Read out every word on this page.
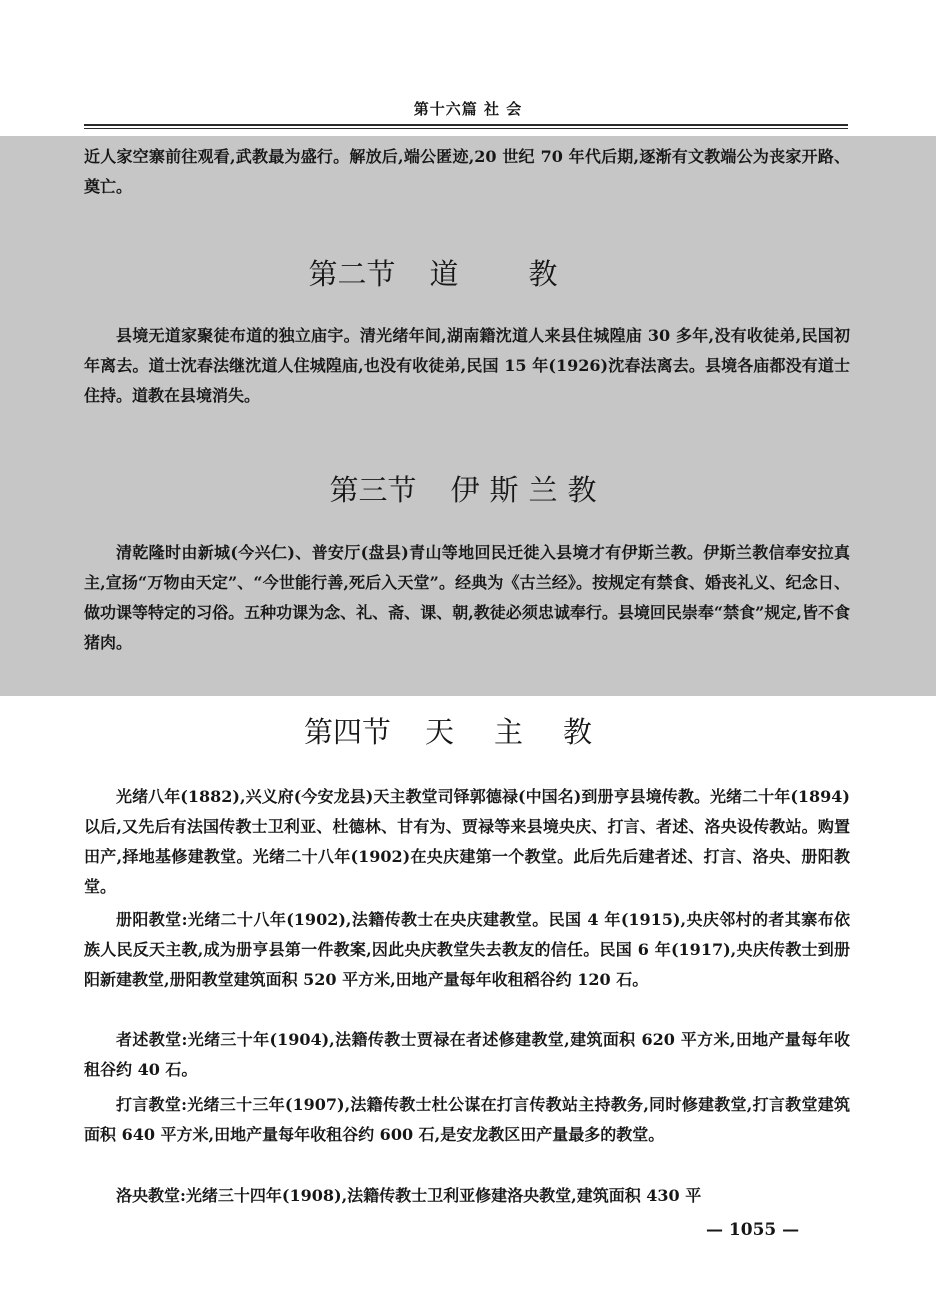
第十六篇 社 会

近人家空寨前往观看,武教最为盛行。解放后,端公匿迹,20 世纪 70 年代后期,逐渐有文教端公为丧家开路、奠亡。

第二节 道教

县境无道家聚徒布道的独立庙宇。清光绪年间,湖南籍沈道人来县住城隍庙 30 多年,没有收徒弟,民国初年离去。道士沈春法继沈道人住城隍庙,也没有收徒弟,民国 15 年(1926)沈春法离去。县境各庙都没有道士住持。道教在县境消失。

第三节 伊斯兰教

清乾隆时由新城(今兴仁)、普安厅(盘县)青山等地回民迁徙入县境才有伊斯兰教。伊斯兰教信奉安拉真主,宣扬“万物由天定”、“今世能行善,死后入天堂”。经典为《古兰经》。按规定有禁食、婚丧礼义、纪念日、做功课等特定的习俗。五种功课为念、礼、斋、课、朝,教徒必须忠诚奉行。县境回民崇奉“禁食”规定,皆不食猪肉。

第四节 天主教

光绪八年(1882),兴义府(今安龙县)天主教堂司铎郭德禄(中国名)到册亨县境传教。光绪二十年(1894)以后,又先后有法国传教士卫利亚、杜德林、甘有为、贾禄等来县境央庆、打言、者述、洛央设传教站。购置田产,择地基修建教堂。光绪二十八年(1902)在央庆建第一个教堂。此后先后建者述、打言、洛央、册阳教堂。

册阳教堂:光绪二十八年(1902),法籍传教士在央庆建教堂。民国 4 年(1915),央庆邻村的者其寨布依族人民反天主教,成为册亨县第一件教案,因此央庆教堂失去教友的信任。民国 6 年(1917),央庆传教士到册阳新建教堂,册阳教堂建筑面积 520 平方米,田地产量每年收租稻谷约 120 石。

者述教堂:光绪三十年(1904),法籍传教士贾禄在者述修建教堂,建筑面积 620 平方米,田地产量每年收租谷约 40 石。

打言教堂:光绪三十三年(1907),法籍传教士杜公谋在打言传教站主持教务,同时修建教堂,打言教堂建筑面积 640 平方米,田地产量每年收租谷约 600 石,是安龙教区田产量最多的教堂。

洛央教堂:光绪三十四年(1908),法籍传教士卫利亚修建洛央教堂,建筑面积 430 平

— 1055 —
